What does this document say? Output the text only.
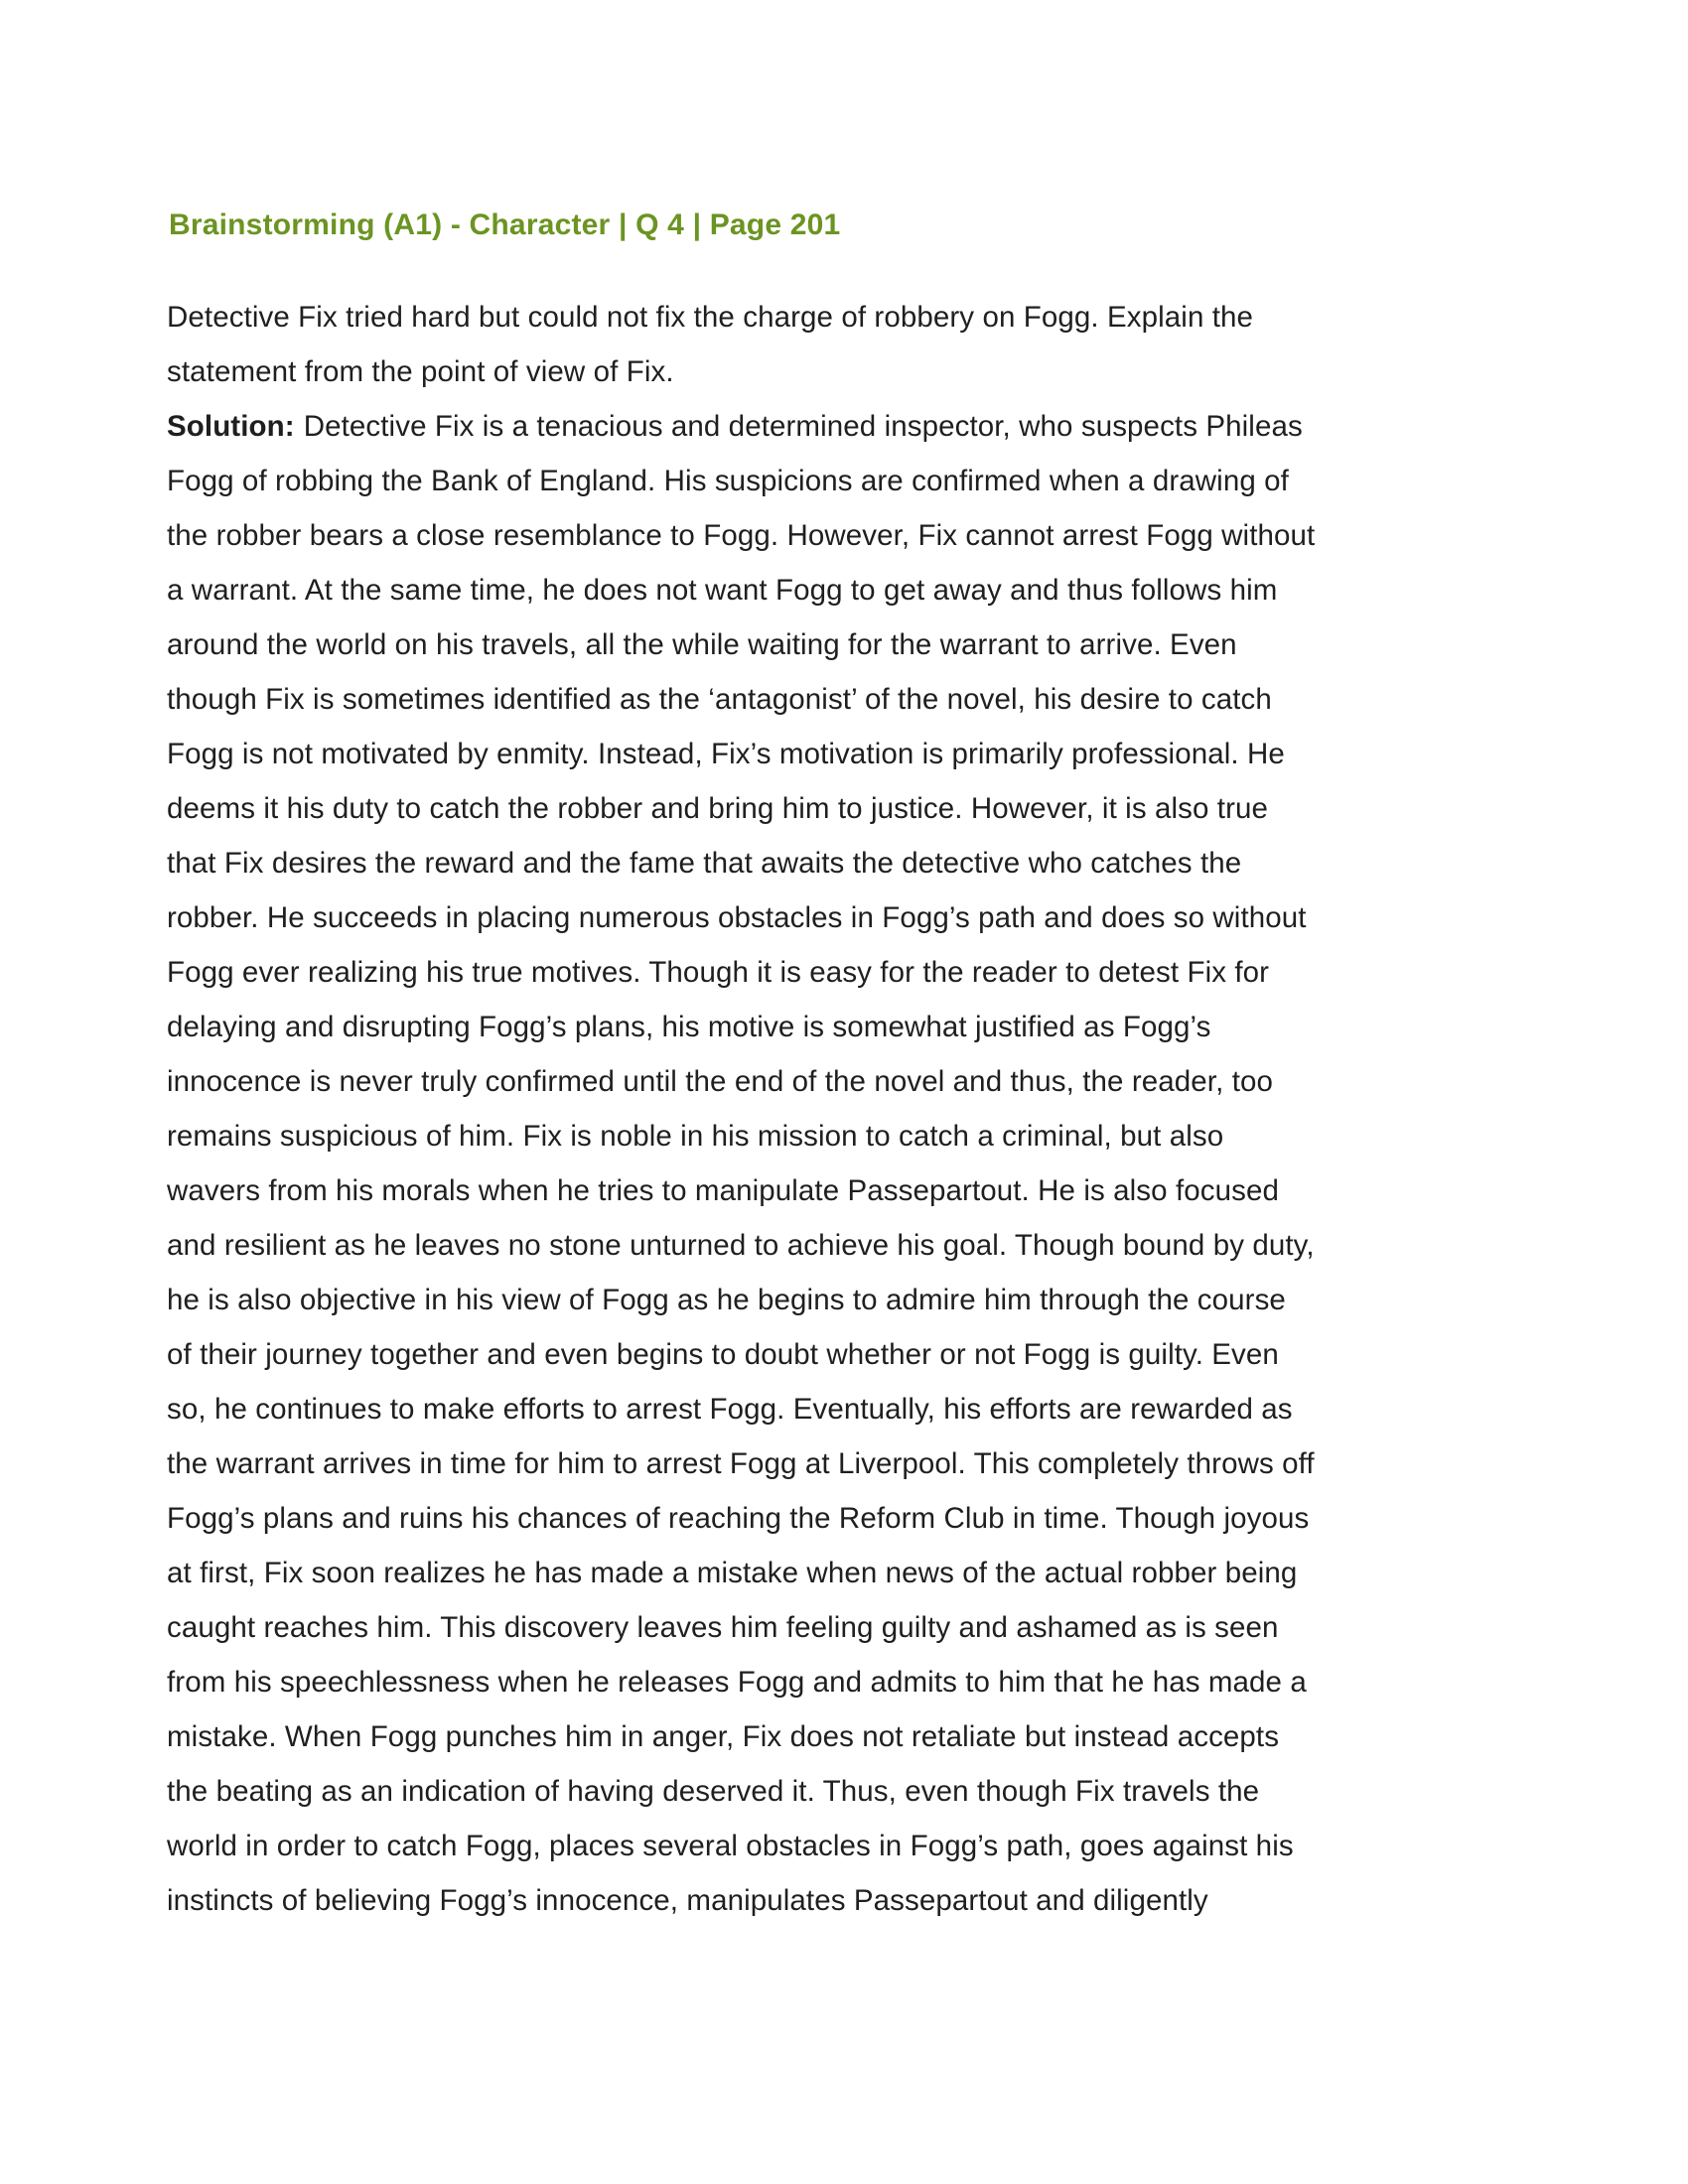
Brainstorming (A1) - Character | Q 4 | Page 201
Detective Fix tried hard but could not fix the charge of robbery on Fogg. Explain the
statement from the point of view of Fix.
Solution: Detective Fix is a tenacious and determined inspector, who suspects Phileas
Fogg of robbing the Bank of England. His suspicions are confirmed when a drawing of
the robber bears a close resemblance to Fogg. However, Fix cannot arrest Fogg without
a warrant. At the same time, he does not want Fogg to get away and thus follows him
around the world on his travels, all the while waiting for the warrant to arrive. Even
though Fix is sometimes identified as the ‘antagonist’ of the novel, his desire to catch
Fogg is not motivated by enmity. Instead, Fix’s motivation is primarily professional. He
deems it his duty to catch the robber and bring him to justice. However, it is also true
that Fix desires the reward and the fame that awaits the detective who catches the
robber. He succeeds in placing numerous obstacles in Fogg’s path and does so without
Fogg ever realizing his true motives. Though it is easy for the reader to detest Fix for
delaying and disrupting Fogg’s plans, his motive is somewhat justified as Fogg’s
innocence is never truly confirmed until the end of the novel and thus, the reader, too
remains suspicious of him. Fix is noble in his mission to catch a criminal, but also
wavers from his morals when he tries to manipulate Passepartout. He is also focused
and resilient as he leaves no stone unturned to achieve his goal. Though bound by duty,
he is also objective in his view of Fogg as he begins to admire him through the course
of their journey together and even begins to doubt whether or not Fogg is guilty. Even
so, he continues to make efforts to arrest Fogg. Eventually, his efforts are rewarded as
the warrant arrives in time for him to arrest Fogg at Liverpool. This completely throws off
Fogg’s plans and ruins his chances of reaching the Reform Club in time. Though joyous
at first, Fix soon realizes he has made a mistake when news of the actual robber being
caught reaches him. This discovery leaves him feeling guilty and ashamed as is seen
from his speechlessness when he releases Fogg and admits to him that he has made a
mistake. When Fogg punches him in anger, Fix does not retaliate but instead accepts
the beating as an indication of having deserved it. Thus, even though Fix travels the
world in order to catch Fogg, places several obstacles in Fogg’s path, goes against his
instincts of believing Fogg’s innocence, manipulates Passepartout and diligently
